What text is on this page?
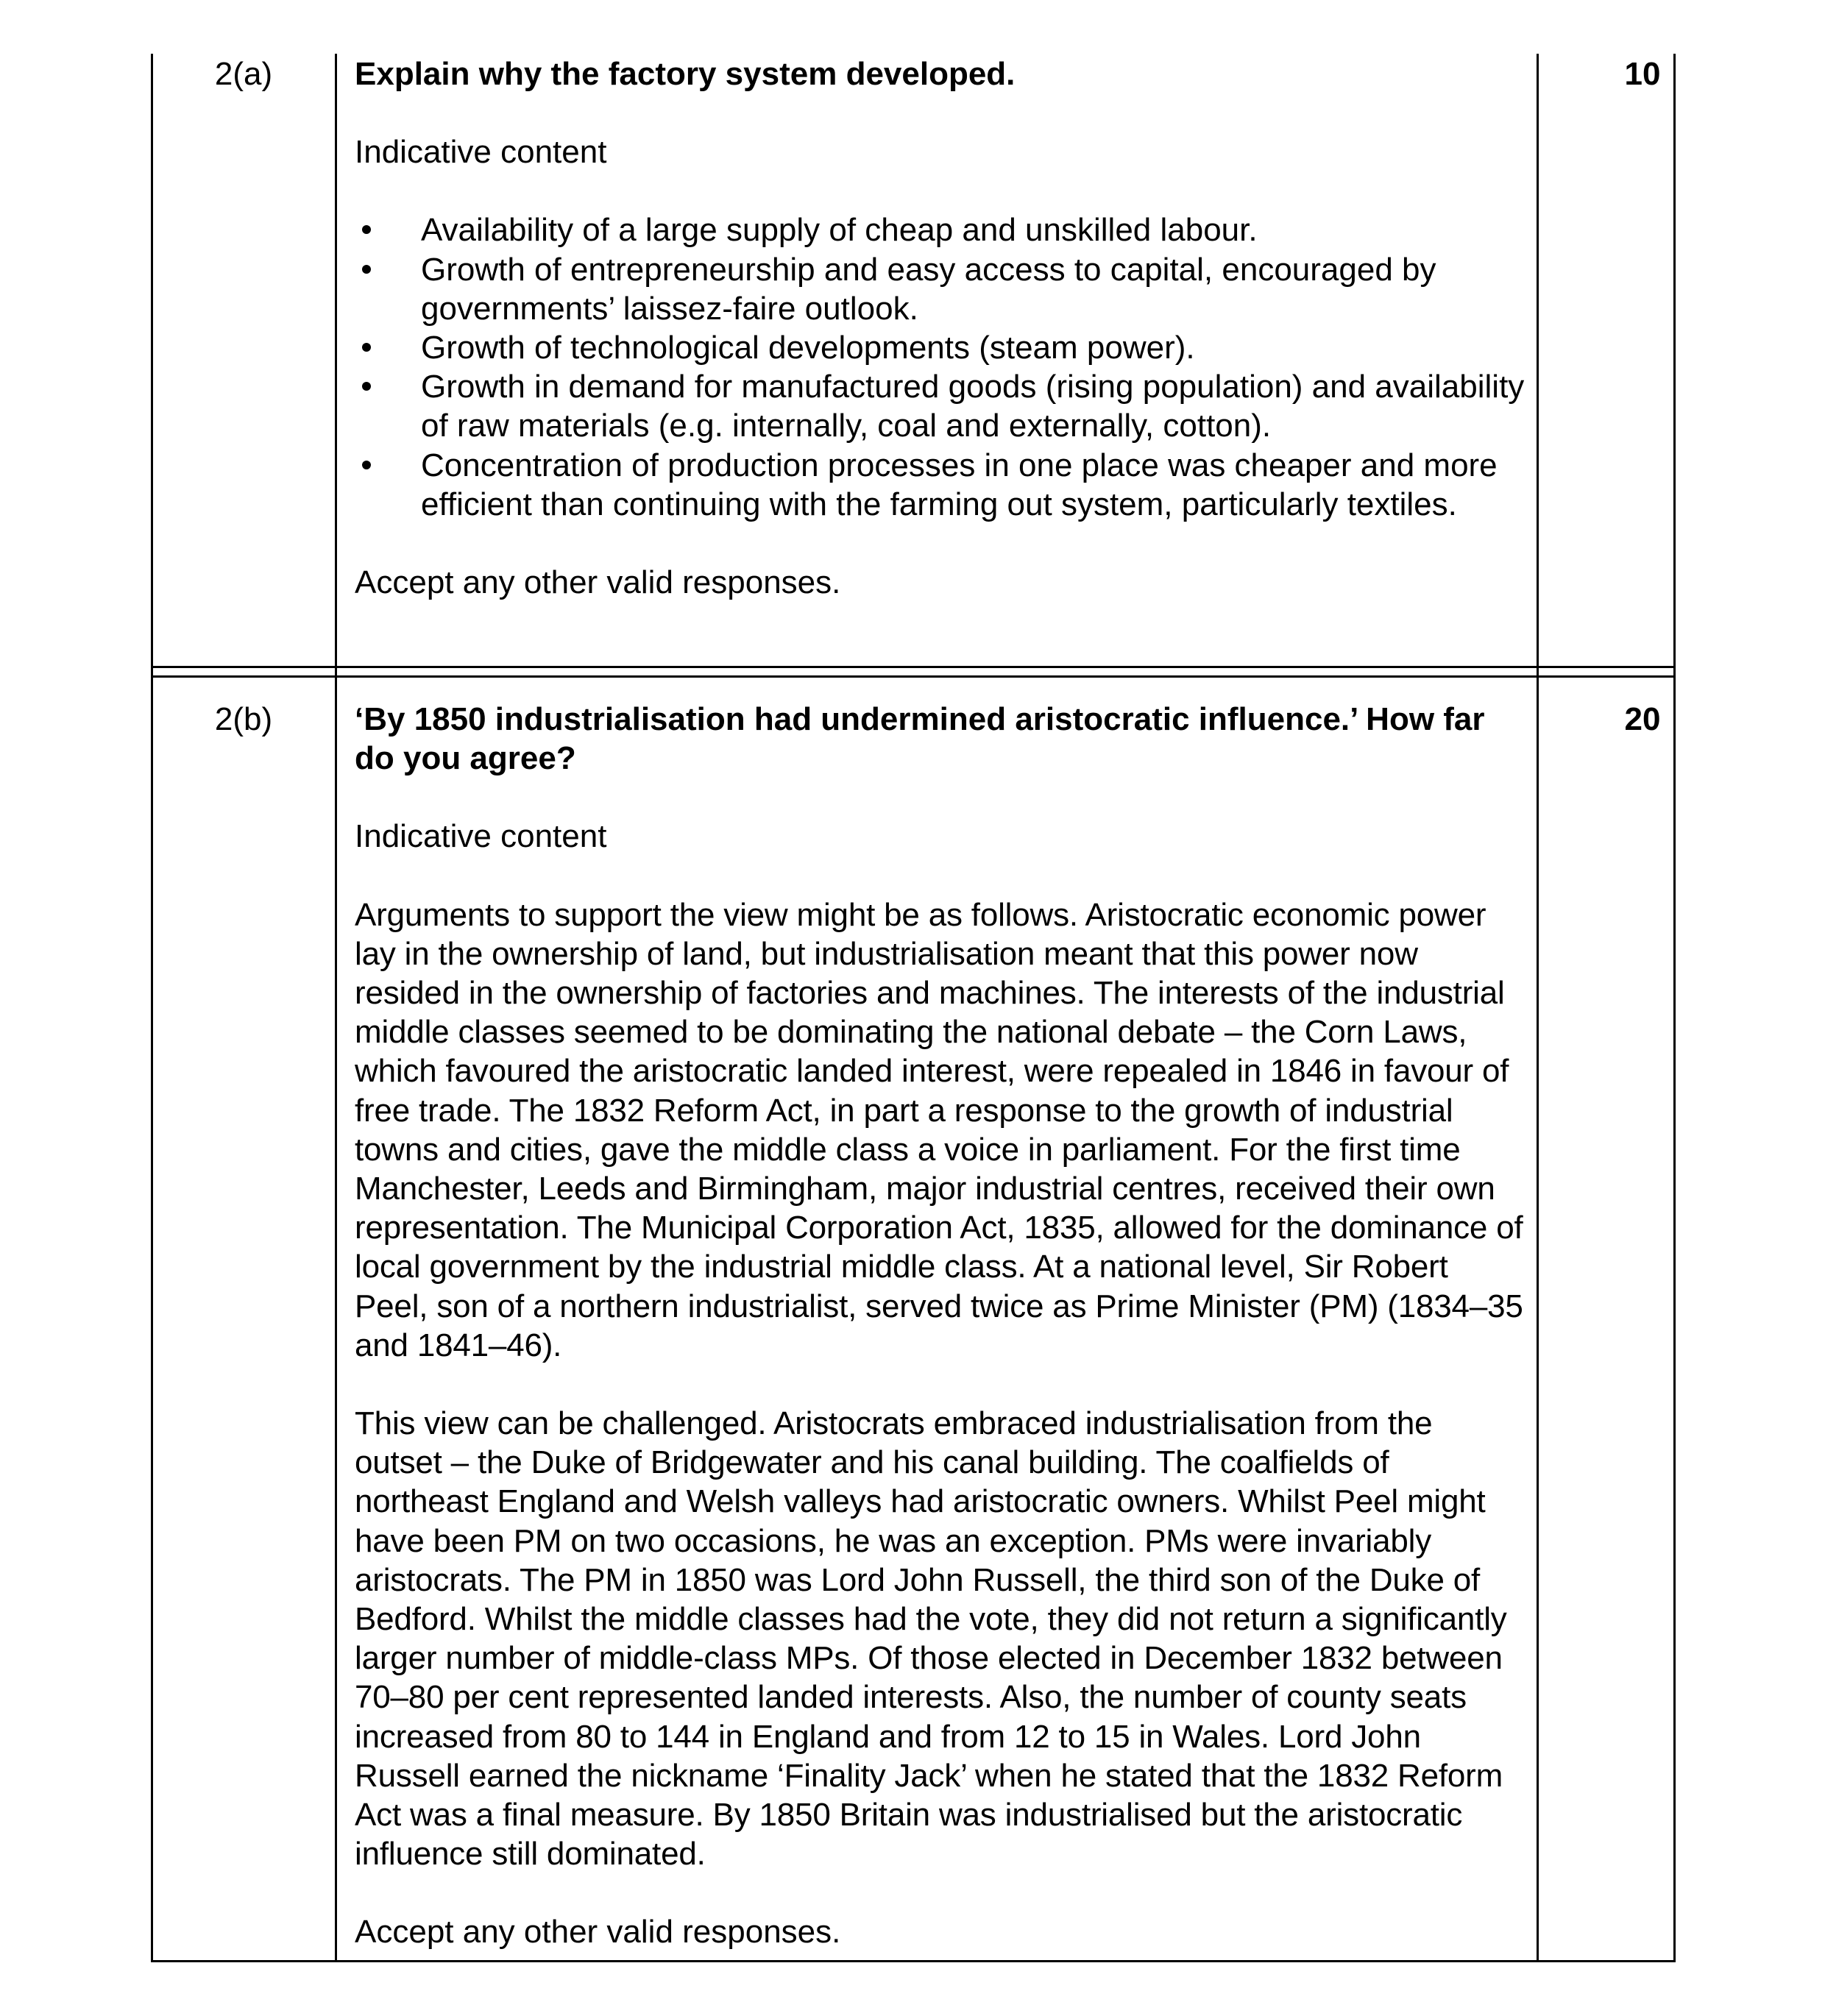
2(a)	10

Explain why the factory system developed.

Indicative content

Availability of a large supply of cheap and unskilled labour.
Growth of entrepreneurship and easy access to capital, encouraged by governments’ laissez-faire outlook.
Growth of technological developments (steam power).
Growth in demand for manufactured goods (rising population) and availability of raw materials (e.g. internally, coal and externally, cotton).
Concentration of production processes in one place was cheaper and more efficient than continuing with the farming out system, particularly textiles.

Accept any other valid responses.

2(b)	20

‘By 1850 industrialisation had undermined aristocratic influence.’ How far do you agree?

Indicative content

Arguments to support the view might be as follows. Aristocratic economic power lay in the ownership of land, but industrialisation meant that this power now resided in the ownership of factories and machines. The interests of the industrial middle classes seemed to be dominating the national debate – the Corn Laws, which favoured the aristocratic landed interest, were repealed in 1846 in favour of free trade. The 1832 Reform Act, in part a response to the growth of industrial towns and cities, gave the middle class a voice in parliament. For the first time Manchester, Leeds and Birmingham, major industrial centres, received their own representation. The Municipal Corporation Act, 1835, allowed for the dominance of local government by the industrial middle class. At a national level, Sir Robert Peel, son of a northern industrialist, served twice as Prime Minister (PM) (1834–35 and 1841–46).

This view can be challenged. Aristocrats embraced industrialisation from the outset – the Duke of Bridgewater and his canal building. The coalfields of northeast England and Welsh valleys had aristocratic owners. Whilst Peel might have been PM on two occasions, he was an exception. PMs were invariably aristocrats. The PM in 1850 was Lord John Russell, the third son of the Duke of Bedford. Whilst the middle classes had the vote, they did not return a significantly larger number of middle-class MPs. Of those elected in December 1832 between 70–80 per cent represented landed interests. Also, the number of county seats increased from 80 to 144 in England and from 12 to 15 in Wales. Lord John Russell earned the nickname ‘Finality Jack’ when he stated that the 1832 Reform Act was a final measure. By 1850 Britain was industrialised but the aristocratic influence still dominated.

Accept any other valid responses.
